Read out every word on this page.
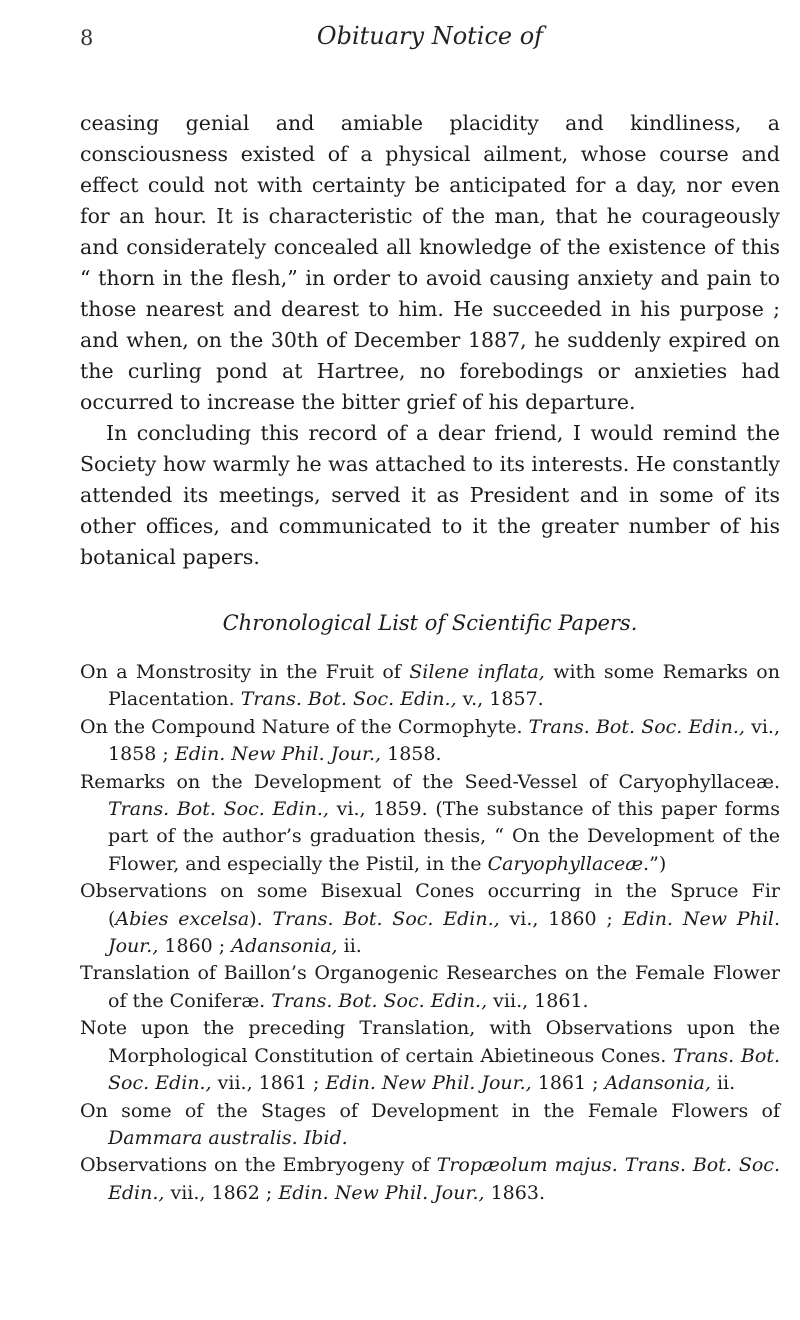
8	Obituary Notice of

ceasing genial and amiable placidity and kindliness, a consciousness existed of a physical ailment, whose course and effect could not with certainty be anticipated for a day, nor even for an hour. It is characteristic of the man, that he courageously and considerately concealed all knowledge of the existence of this “ thorn in the flesh,” in order to avoid causing anxiety and pain to those nearest and dearest to him. He succeeded in his purpose ; and when, on the 30th of December 1887, he suddenly expired on the curling pond at Hartree, no forebodings or anxieties had occurred to increase the bitter grief of his departure.

In concluding this record of a dear friend, I would remind the Society how warmly he was attached to its interests. He constantly attended its meetings, served it as President and in some of its other offices, and communicated to it the greater number of his botanical papers.

Chronological List of Scientific Papers.
On a Monstrosity in the Fruit of Silene inflata, with some Remarks on Placentation. Trans. Bot. Soc. Edin., v., 1857.
On the Compound Nature of the Cormophyte. Trans. Bot. Soc. Edin., vi., 1858 ; Edin. New Phil. Jour., 1858.
Remarks on the Development of the Seed-Vessel of Caryophyllaceæ. Trans. Bot. Soc. Edin., vi., 1859. (The substance of this paper forms part of the author’s graduation thesis, “ On the Development of the Flower, and especially the Pistil, in the Caryophyllaceæ.”)
Observations on some Bisexual Cones occurring in the Spruce Fir (Abies excelsa). Trans. Bot. Soc. Edin., vi., 1860 ; Edin. New Phil. Jour., 1860 ; Adansonia, ii.
Translation of Baillon’s Organogenic Researches on the Female Flower of the Coniferæ. Trans. Bot. Soc. Edin., vii., 1861.
Note upon the preceding Translation, with Observations upon the Morphological Constitution of certain Abietineous Cones. Trans. Bot. Soc. Edin., vii., 1861 ; Edin. New Phil. Jour., 1861 ; Adansonia, ii.
On some of the Stages of Development in the Female Flowers of Dammara australis. Ibid.
Observations on the Embryogeny of Tropæolum majus. Trans. Bot. Soc. Edin., vii., 1862 ; Edin. New Phil. Jour., 1863.
